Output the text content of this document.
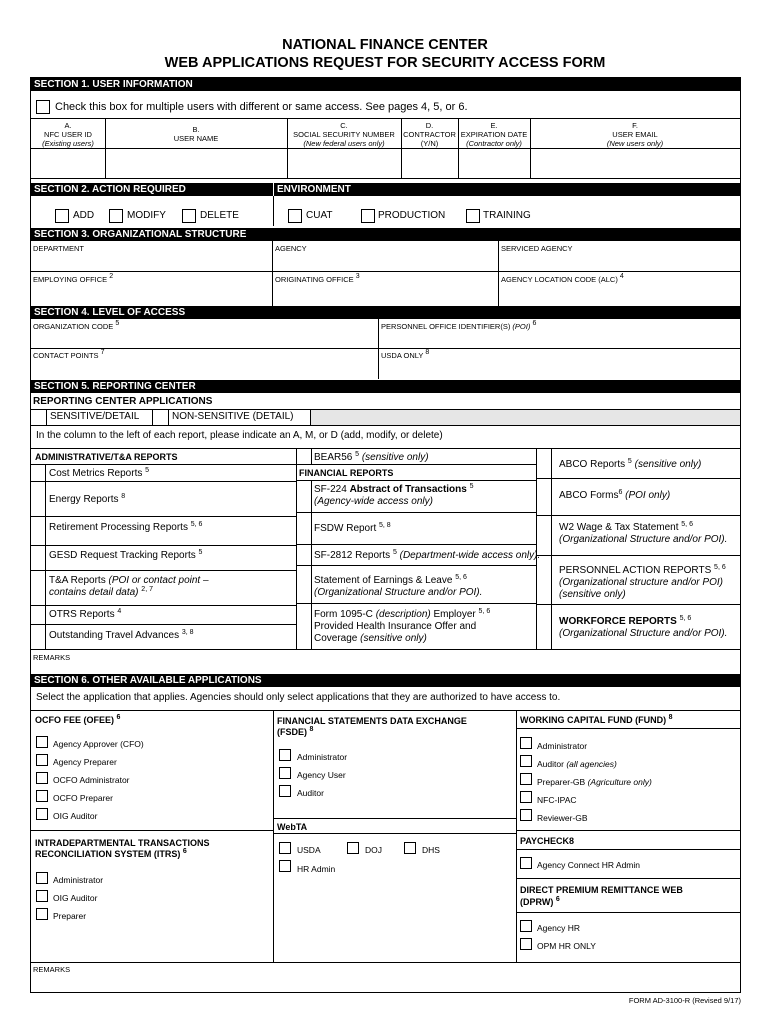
NATIONAL FINANCE CENTER
WEB APPLICATIONS REQUEST FOR SECURITY ACCESS FORM
SECTION 1. USER INFORMATION
Check this box for multiple users with different or same access. See pages 4, 5, or 6.
A.
NFC USER ID
(Existing users)
B.
USER NAME
C.
SOCIAL SECURITY NUMBER
(New federal users only)
D.
CONTRACTOR
(Y/N)
E.
EXPIRATION DATE
(Contractor only)
F.
USER EMAIL
(New users only)
SECTION 2. ACTION REQUIRED	ENVIRONMENT
ADD	MODIFY	DELETE	CUAT	PRODUCTION	TRAINING
SECTION 3. ORGANIZATIONAL STRUCTURE
DEPARTMENT	AGENCY	SERVICED AGENCY
EMPLOYING OFFICE $^2$	ORIGINATING OFFICE $^3$	AGENCY LOCATION CODE (ALC) $^4$
SECTION 4. LEVEL OF ACCESS
ORGANIZATION CODE $^5$	PERSONNEL OFFICE IDENTIFIER(S) (POI) $^6$
CONTACT POINTS $^7$	USDA ONLY $^8$
SECTION 5. REPORTING CENTER
REPORTING CENTER APPLICATIONS
SENSITIVE/DETAIL	NON-SENSITIVE (DETAIL)
In the column to the left of each report, please indicate an A, M, or D (add, modify, or delete)
ADMINISTRATIVE/T&A REPORTS
Cost Metrics Reports $^5$
Energy Reports $^8$
Retirement Processing Reports $^{5, 6}$
GESD Request Tracking Reports $^5$
T&A Reports (POI or contact point –
contains detail data) $^{2, 7}$
OTRS Reports $^4$
Outstanding Travel Advances $^{3, 8}$
BEAR56 $^5$ (sensitive only)
FINANCIAL REPORTS
SF-224 Abstract of Transactions $^5$
(Agency-wide access only)
FSDW Report $^{5, 8}$
SF-2812 Reports $^5$ (Department-wide access only).
Statement of Earnings & Leave $^{5, 6}$
(Organizational Structure and/or POI).
Form 1095-C (description) Employer $^{5, 6}$
Provided Health Insurance Offer and
Coverage (sensitive only)
ABCO Reports $^5$ (sensitive only)
ABCO Forms$^6$ (POI only)
W2 Wage & Tax Statement $^{5, 6}$
(Organizational Structure and/or POI).
PERSONNEL ACTION REPORTS $^{5, 6}$
(Organizational structure and/or POI)
(sensitive only)
WORKFORCE REPORTS $^{5, 6}$
(Organizational Structure and/or POI).
REMARKS
SECTION 6. OTHER AVAILABLE APPLICATIONS
Select the application that applies. Agencies should only select applications that they are authorized to have access to.
OCFO FEE (OFEE) $^6$
Agency Approver (CFO)
Agency Preparer
OCFO Administrator
OCFO Preparer
OIG Auditor
INTRADEPARTMENTAL TRANSACTIONS
RECONCILIATION SYSTEM (ITRS) $^6$
Administrator
OIG Auditor
Preparer
FINANCIAL STATEMENTS DATA EXCHANGE
(FSDE) $^8$
Administrator
Agency User
Auditor
WebTA
USDA	DOJ	DHS
HR Admin
WORKING CAPITAL FUND (FUND) $^8$
Administrator
Auditor (all agencies)
Preparer-GB (Agriculture only)
NFC-IPAC
Reviewer-GB
PAYCHECK8
Agency Connect HR Admin
DIRECT PREMIUM REMITTANCE WEB
(DPRW) $^6$
Agency HR
OPM HR ONLY
REMARKS
FORM AD-3100-R (Revised 9/17)
